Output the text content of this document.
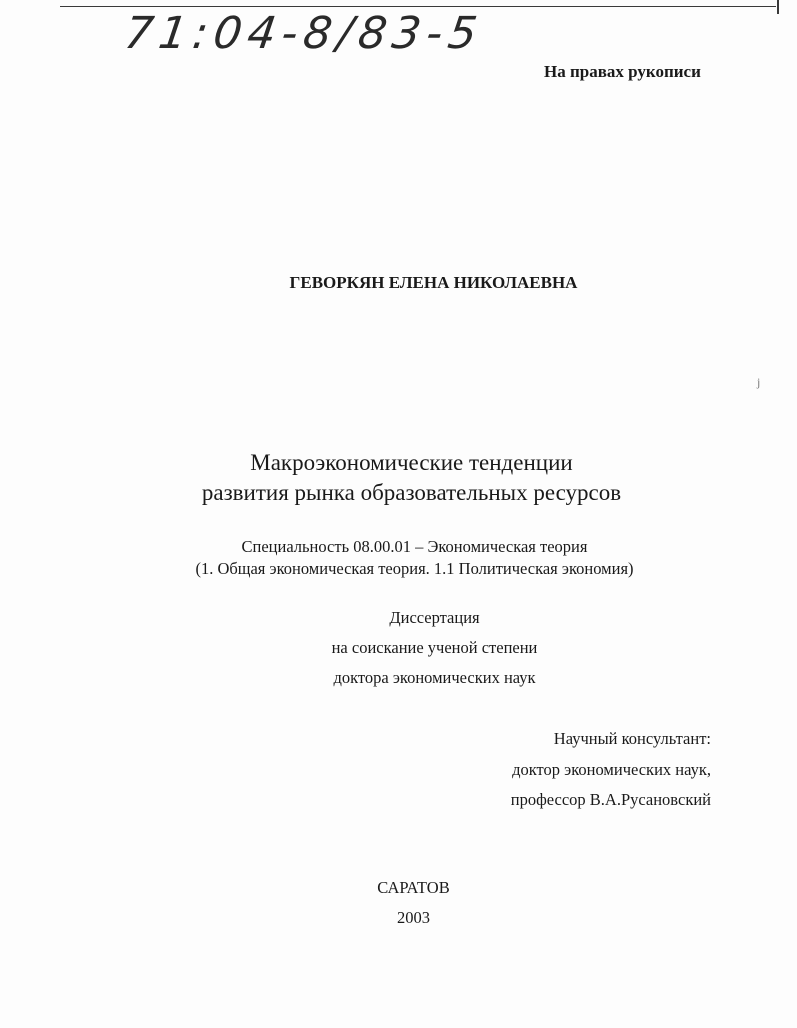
71:04-8/83-5
На правах рукописи
ГЕВОРКЯН ЕЛЕНА НИКОЛАЕВНА
Макроэкономические тенденции
развития рынка образовательных ресурсов
Специальность 08.00.01 – Экономическая теория
(1. Общая экономическая теория. 1.1 Политическая экономия)
Диссертация
на соискание ученой степени
доктора экономических наук
Научный консультант:
доктор экономических наук,
профессор В.А.Русановский
САРАТОВ
2003
j
